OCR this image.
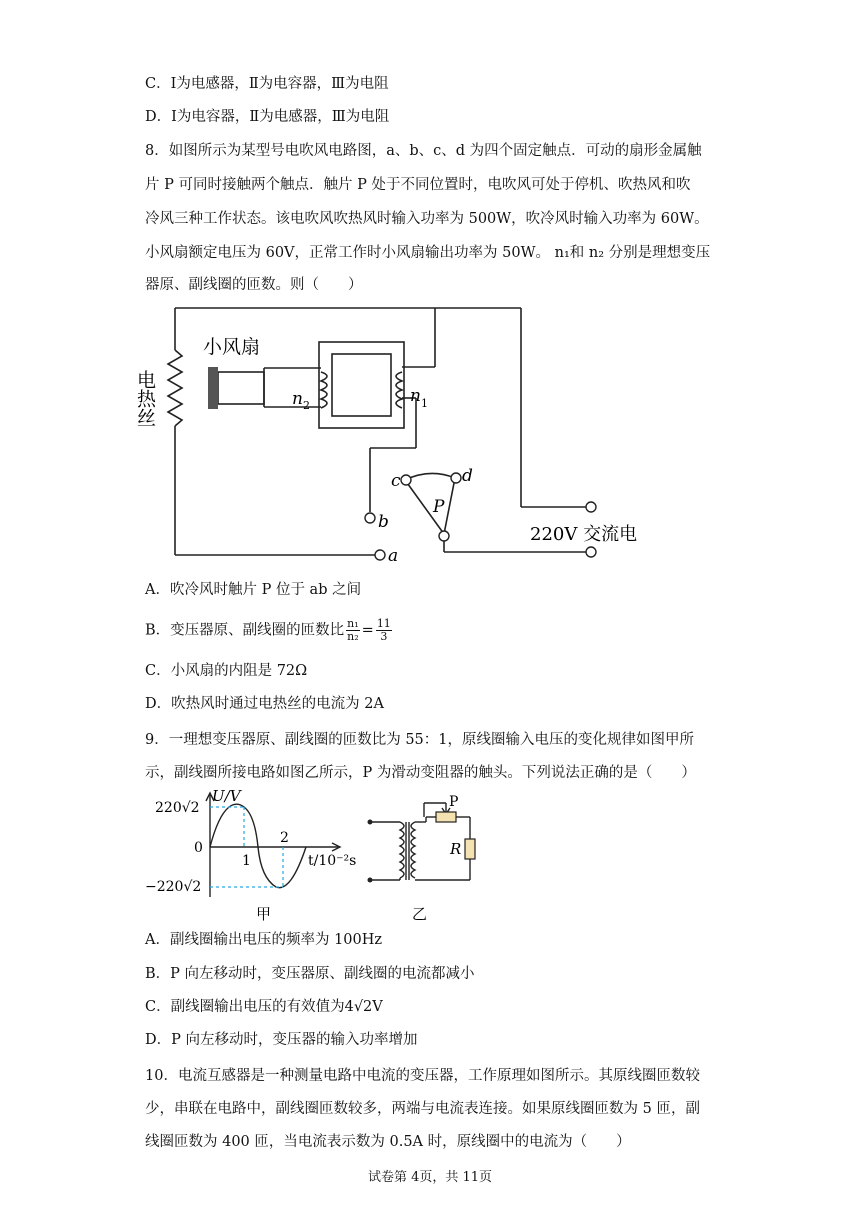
C．Ⅰ为电感器，Ⅱ为电容器，Ⅲ为电阻
D．Ⅰ为电容器，Ⅱ为电感器，Ⅲ为电阻
8．如图所示为某型号电吹风电路图，a、b、c、d 为四个固定触点．可动的扇形金属触
片 P 可同时接触两个触点．触片 P 处于不同位置时，电吹风可处于停机、吹热风和吹
冷风三种工作状态。该电吹风吹热风时输入功率为 500W，吹冷风时输入功率为 60W。
小风扇额定电压为 60V，正常工作时小风扇输出功率为 50W。 n₁和 n₂ 分别是理想变压
器原、副线圈的匝数。则（　　）
电热丝
小风扇
n 2	n 1
c	d
P
b
a
220V 交流电
A．吹冷风时触片 P 位于 ab 之间
B．变压器原、副线圈的匝数比 $\frac{\text{n₁}}{\text{n₂}} = \frac{11}{3}$
C．小风扇的内阻是 72Ω
D．吹热风时通过电热丝的电流为 2A
9．一理想变压器原、副线圈的匝数比为 55：1，原线圈输入电压的变化规律如图甲所
示，副线圈所接电路如图乙所示，P 为滑动变阻器的触头。下列说法正确的是（　　）
U/V
220√2
0
−220√2
1
2
t/10⁻²s
甲
P
R
乙
A．副线圈输出电压的频率为 100Hz
B．P 向左移动时，变压器原、副线圈的电流都减小
C．副线圈输出电压的有效值为4√2V
D．P 向左移动时，变压器的输入功率增加
10．电流互感器是一种测量电路中电流的变压器，工作原理如图所示。其原线圈匝数较
少，串联在电路中，副线圈匝数较多，两端与电流表连接。如果原线圈匝数为 5 匝，副
线圈匝数为 400 匝，当电流表示数为 0.5A 时，原线圈中的电流为（　　）
试卷第 4页，共 11页
